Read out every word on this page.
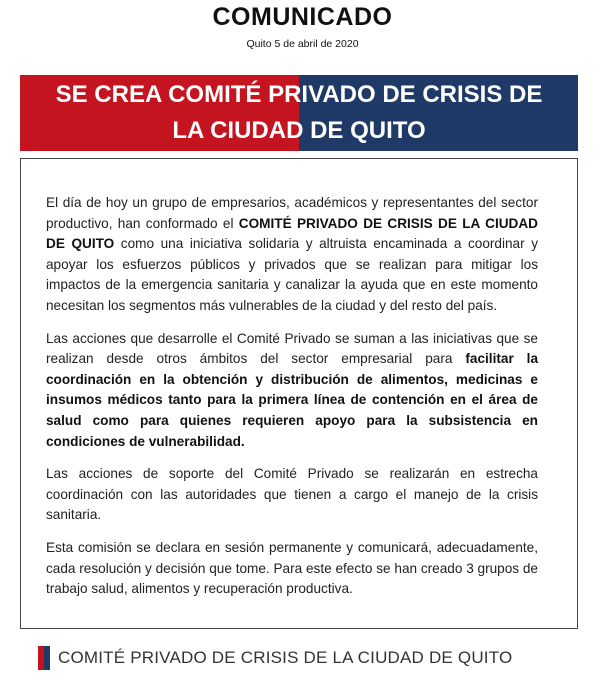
COMUNICADO
Quito 5 de abril de 2020
SE CREA COMITÉ PRIVADO DE CRISIS DE LA CIUDAD DE QUITO

El día de hoy un grupo de empresarios, académicos y representantes del sector productivo, han conformado el COMITÉ PRIVADO DE CRISIS DE LA CIUDAD DE QUITO como una iniciativa solidaria y altruista encaminada a coordinar y apoyar los esfuerzos públicos y privados que se realizan para mitigar los impactos de la emergencia sanitaria y canalizar la ayuda que en este momento necesitan los segmentos más vulnerables de la ciudad y del resto del país.

Las acciones que desarrolle el Comité Privado se suman a las iniciativas que se realizan desde otros ámbitos del sector empresarial para facilitar la coordinación en la obtención y distribución de alimentos, medicinas e insumos médicos tanto para la primera línea de contención en el área de salud como para quienes requieren apoyo para la subsistencia en condiciones de vulnerabilidad.

Las acciones de soporte del Comité Privado se realizarán en estrecha coordinación con las autoridades que tienen a cargo el manejo de la crisis sanitaria.

Esta comisión se declara en sesión permanente y comunicará, adecuadamente, cada resolución y decisión que tome. Para este efecto se han creado 3 grupos de trabajo salud, alimentos y recuperación productiva.

COMITÉ PRIVADO DE CRISIS DE LA CIUDAD DE QUITO
